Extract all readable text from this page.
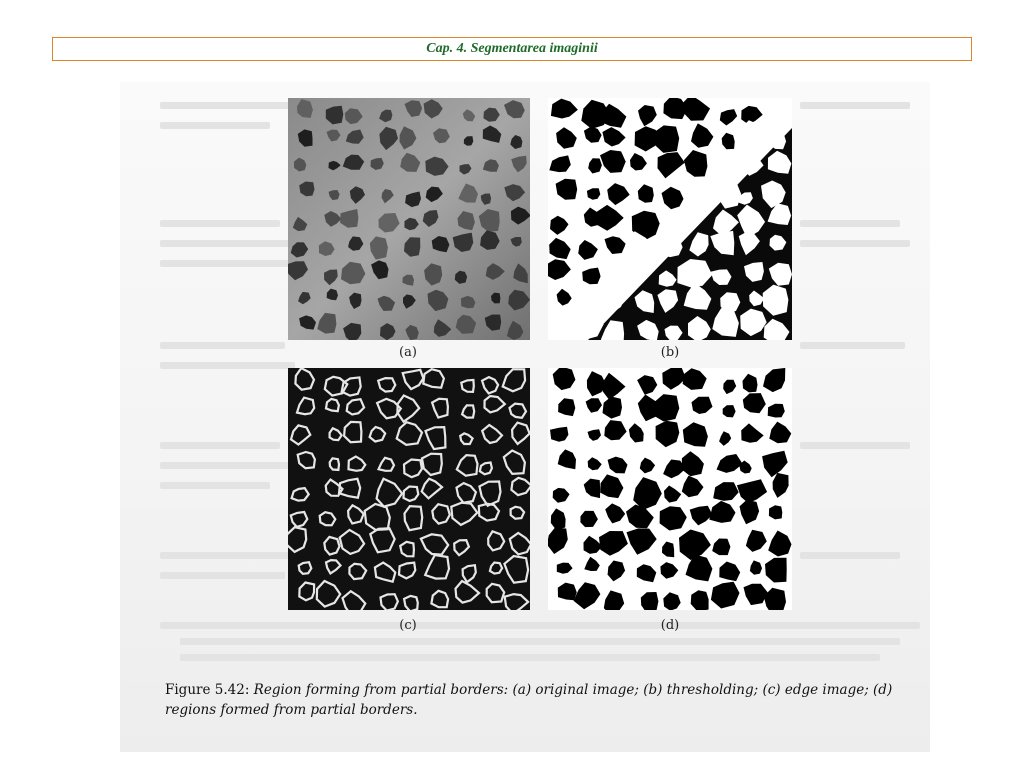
Cap. 4. Segmentarea imaginii
(a)	(b)
(c)	(d)
Figure 5.42: Region forming from partial borders: (a) original image; (b) thresholding; (c) edge image; (d) regions formed from partial borders.
